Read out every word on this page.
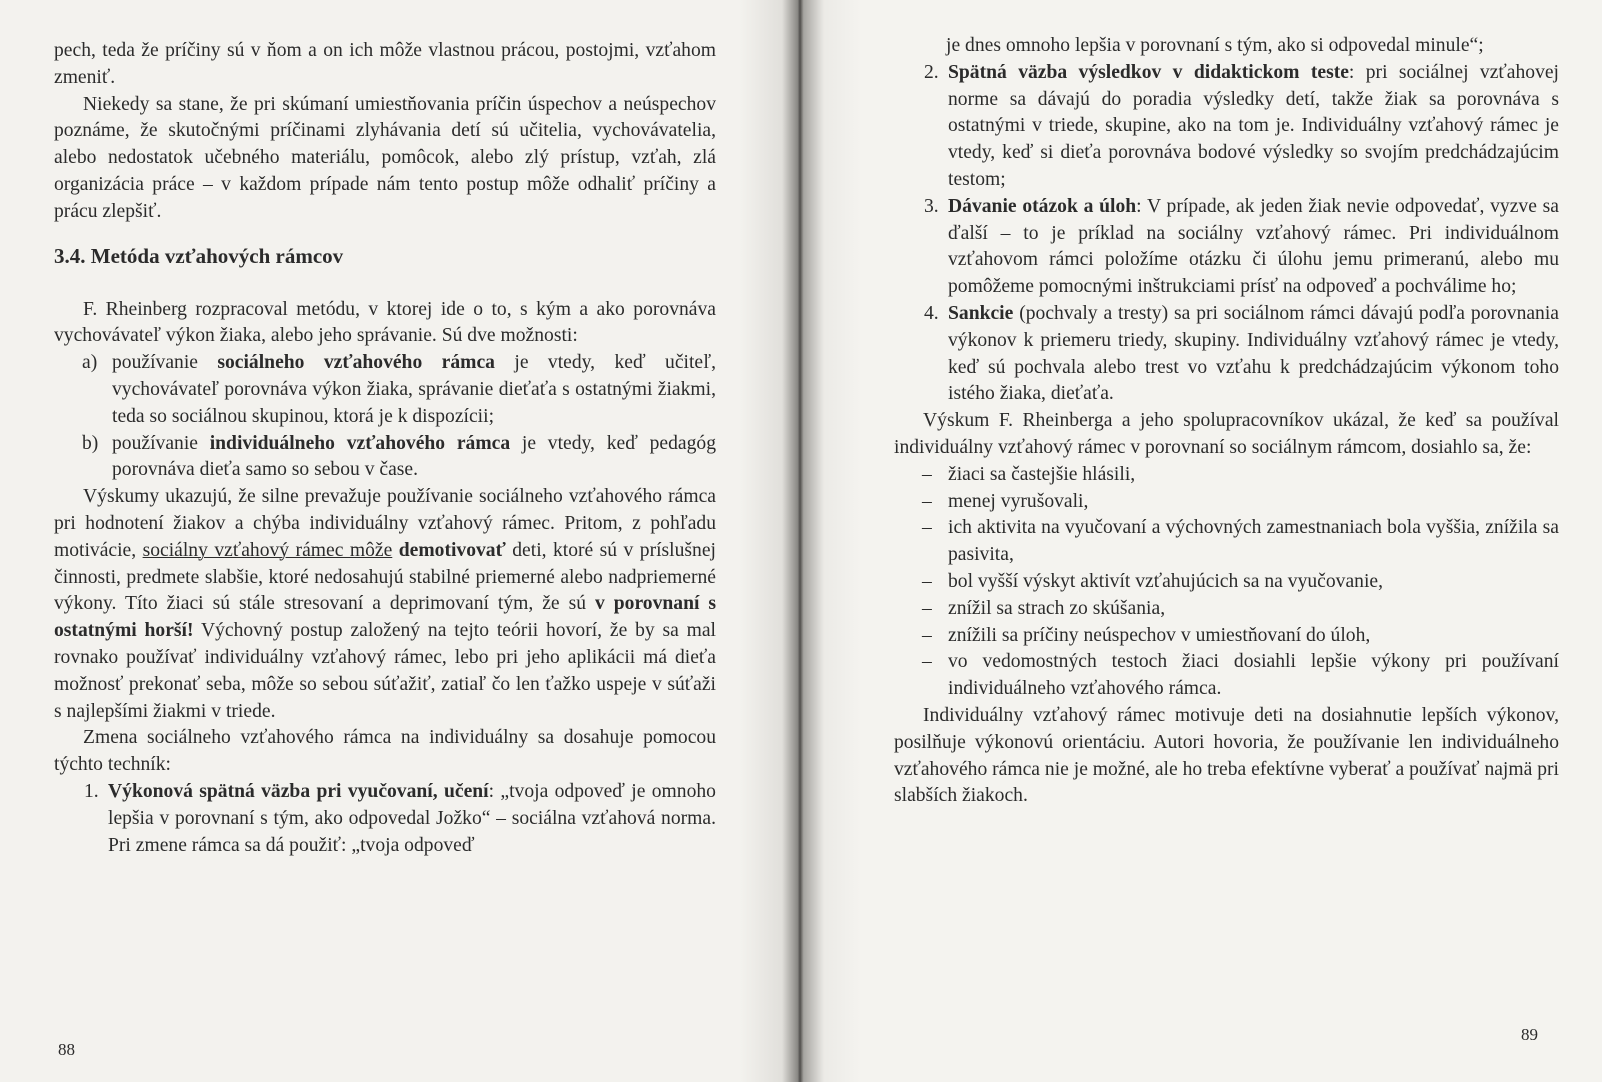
pech, teda že príčiny sú v ňom a on ich môže vlastnou prácou, postojmi, vzťahom zmeniť.

Niekedy sa stane, že pri skúmaní umiestňovania príčin úspechov a neúspechov poznáme, že skutočnými príčinami zlyhávania detí sú učitelia, vychovávatelia, alebo nedostatok učebného materiálu, pomôcok, alebo zlý prístup, vzťah, zlá organizácia práce – v každom prípade nám tento postup môže odhaliť príčiny a prácu zlepšiť.

3.4. Metóda vzťahových rámcov

F. Rheinberg rozpracoval metódu, v ktorej ide o to, s kým a ako porovnáva vychovávateľ výkon žiaka, alebo jeho správanie. Sú dve možnosti:

a) používanie sociálneho vzťahového rámca je vtedy, keď učiteľ, vychovávateľ porovnáva výkon žiaka, správanie dieťaťa s ostatnými žiakmi, teda so sociálnou skupinou, ktorá je k dispozícii;
b) používanie individuálneho vzťahového rámca je vtedy, keď pedagóg porovnáva dieťa samo so sebou v čase.

Výskumy ukazujú, že silne prevažuje používanie sociálneho vzťahového rámca pri hodnotení žiakov a chýba individuálny vzťahový rámec. Pritom, z pohľadu motivácie, sociálny vzťahový rámec môže demotivovať deti, ktoré sú v príslušnej činnosti, predmete slabšie, ktoré nedosahujú stabilné priemerné alebo nadpriemerné výkony. Títo žiaci sú stále stresovaní a deprimovaní tým, že sú v porovnaní s ostatnými horší! Výchovný postup založený na tejto teórii hovorí, že by sa mal rovnako používať individuálny vzťahový rámec, lebo pri jeho aplikácii má dieťa možnosť prekonať seba, môže so sebou súťažiť, zatiaľ čo len ťažko uspeje v súťaži s najlepšími žiakmi v triede.

Zmena sociálneho vzťahového rámca na individuálny sa dosahuje pomocou týchto techník:

1. Výkonová spätná väzba pri vyučovaní, učení: „tvoja odpoveď je omnoho lepšia v porovnaní s tým, ako odpovedal Jožko“ – sociálna vzťahová norma. Pri zmene rámca sa dá použiť: „tvoja odpoveď
88

je dnes omnoho lepšia v porovnaní s tým, ako si odpovedal minule“;

2. Spätná väzba výsledkov v didaktickom teste: pri sociálnej vzťahovej norme sa dávajú do poradia výsledky detí, takže žiak sa porovnáva s ostatnými v triede, skupine, ako na tom je. Individuálny vzťahový rámec je vtedy, keď si dieťa porovnáva bodové výsledky so svojím predchádzajúcim testom;
3. Dávanie otázok a úloh: V prípade, ak jeden žiak nevie odpovedať, vyzve sa ďalší – to je príklad na sociálny vzťahový rámec. Pri individuálnom vzťahovom rámci položíme otázku či úlohu jemu primeranú, alebo mu pomôžeme pomocnými inštrukciami prísť na odpoveď a pochválime ho;
4. Sankcie (pochvaly a tresty) sa pri sociálnom rámci dávajú podľa porovnania výkonov k priemeru triedy, skupiny. Individuálny vzťahový rámec je vtedy, keď sú pochvala alebo trest vo vzťahu k predchádzajúcim výkonom toho istého žiaka, dieťaťa.

Výskum F. Rheinberga a jeho spolupracovníkov ukázal, že keď sa používal individuálny vzťahový rámec v porovnaní so sociálnym rámcom, dosiahlo sa, že:

– žiaci sa častejšie hlásili,
– menej vyrušovali,
– ich aktivita na vyučovaní a výchovných zamestnaniach bola vyššia, znížila sa pasivita,
– bol vyšší výskyt aktivít vzťahujúcich sa na vyučovanie,
– znížil sa strach zo skúšania,
– znížili sa príčiny neúspechov v umiestňovaní do úloh,
– vo vedomostných testoch žiaci dosiahli lepšie výkony pri používaní individuálneho vzťahového rámca.

Individuálny vzťahový rámec motivuje deti na dosiahnutie lepších výkonov, posilňuje výkonovú orientáciu. Autori hovoria, že používanie len individuálneho vzťahového rámca nie je možné, ale ho treba efektívne vyberať a používať najmä pri slabších žiakoch.

89
